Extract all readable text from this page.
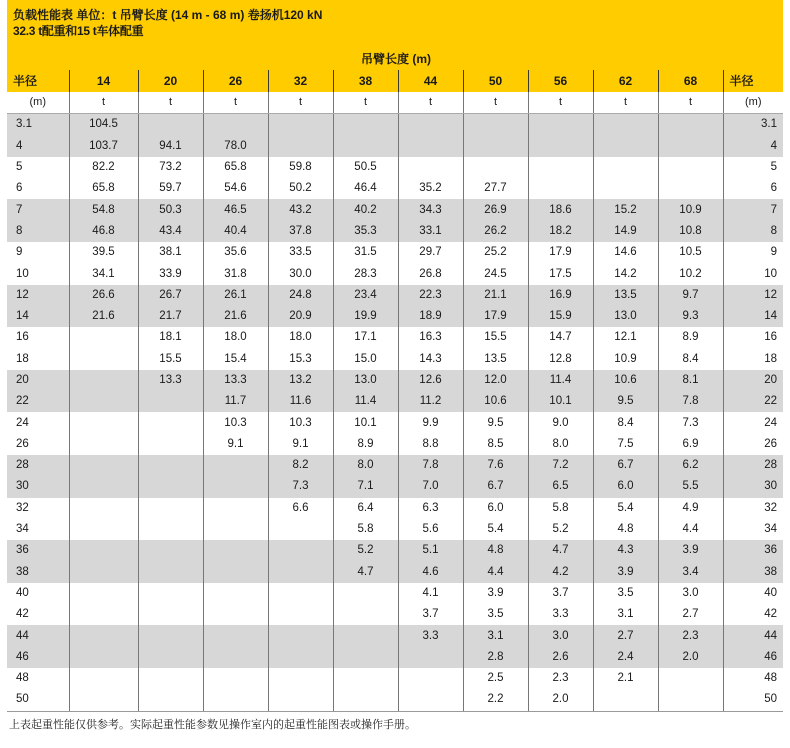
负载性能表 单位：t 吊臂长度 (14 m - 68 m) 卷扬机120 kN
32.3 t配重和15 t车体配重
	吊臂长度 (m)										
半径	14	20	26	32	38	44	50	56	62	68	半径
(m)	t	t	t	t	t	t	t	t	t	t	(m)
3.1	104.5										3.1
4	103.7	94.1	78.0								4
5	82.2	73.2	65.8	59.8	50.5						5
6	65.8	59.7	54.6	50.2	46.4	35.2	27.7				6
7	54.8	50.3	46.5	43.2	40.2	34.3	26.9	18.6	15.2	10.9	7
8	46.8	43.4	40.4	37.8	35.3	33.1	26.2	18.2	14.9	10.8	8
9	39.5	38.1	35.6	33.5	31.5	29.7	25.2	17.9	14.6	10.5	9
10	34.1	33.9	31.8	30.0	28.3	26.8	24.5	17.5	14.2	10.2	10
12	26.6	26.7	26.1	24.8	23.4	22.3	21.1	16.9	13.5	9.7	12
14	21.6	21.7	21.6	20.9	19.9	18.9	17.9	15.9	13.0	9.3	14
16		18.1	18.0	18.0	17.1	16.3	15.5	14.7	12.1	8.9	16
18		15.5	15.4	15.3	15.0	14.3	13.5	12.8	10.9	8.4	18
20		13.3	13.3	13.2	13.0	12.6	12.0	11.4	10.6	8.1	20
22			11.7	11.6	11.4	11.2	10.6	10.1	9.5	7.8	22
24			10.3	10.3	10.1	9.9	9.5	9.0	8.4	7.3	24
26			9.1	9.1	8.9	8.8	8.5	8.0	7.5	6.9	26
28				8.2	8.0	7.8	7.6	7.2	6.7	6.2	28
30				7.3	7.1	7.0	6.7	6.5	6.0	5.5	30
32				6.6	6.4	6.3	6.0	5.8	5.4	4.9	32
34					5.8	5.6	5.4	5.2	4.8	4.4	34
36					5.2	5.1	4.8	4.7	4.3	3.9	36
38					4.7	4.6	4.4	4.2	3.9	3.4	38
40						4.1	3.9	3.7	3.5	3.0	40
42						3.7	3.5	3.3	3.1	2.7	42
44						3.3	3.1	3.0	2.7	2.3	44
46							2.8	2.6	2.4	2.0	46
48							2.5	2.3	2.1		48
50							2.2	2.0			50
上表起重性能仅供参考。实际起重性能参数见操作室内的起重性能图表或操作手册。
